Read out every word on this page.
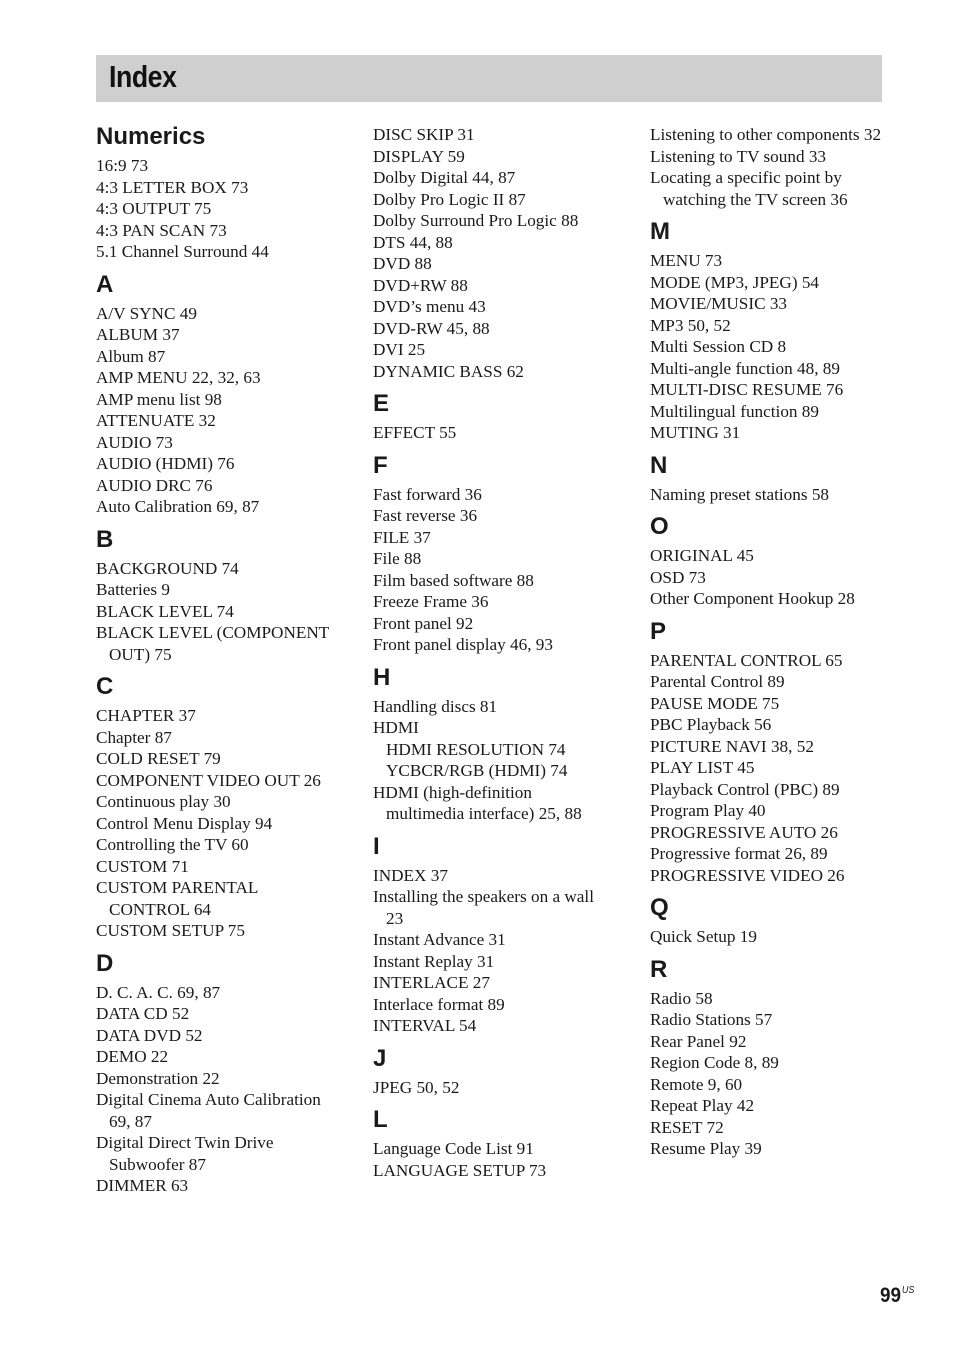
Index
Numerics
16:9 73
4:3 LETTER BOX 73
4:3 OUTPUT 75
4:3 PAN SCAN 73
5.1 Channel Surround 44
A
A/V SYNC 49
ALBUM 37
Album 87
AMP MENU 22, 32, 63
AMP menu list 98
ATTENUATE 32
AUDIO 73
AUDIO (HDMI) 76
AUDIO DRC 76
Auto Calibration 69, 87
B
BACKGROUND 74
Batteries 9
BLACK LEVEL 74
BLACK LEVEL (COMPONENT OUT) 75
C
CHAPTER 37
Chapter 87
COLD RESET 79
COMPONENT VIDEO OUT 26
Continuous play 30
Control Menu Display 94
Controlling the TV 60
CUSTOM 71
CUSTOM PARENTAL CONTROL 64
CUSTOM SETUP 75
D
D. C. A. C. 69, 87
DATA CD 52
DATA DVD 52
DEMO 22
Demonstration 22
Digital Cinema Auto Calibration 69, 87
Digital Direct Twin Drive Subwoofer 87
DIMMER 63
DISC SKIP 31
DISPLAY 59
Dolby Digital 44, 87
Dolby Pro Logic II 87
Dolby Surround Pro Logic 88
DTS 44, 88
DVD 88
DVD+RW 88
DVD’s menu 43
DVD-RW 45, 88
DVI 25
DYNAMIC BASS 62
E
EFFECT 55
F
Fast forward 36
Fast reverse 36
FILE 37
File 88
Film based software 88
Freeze Frame 36
Front panel 92
Front panel display 46, 93
H
Handling discs 81
HDMI
HDMI RESOLUTION 74
YCBCR/RGB (HDMI) 74
HDMI (high-definition multimedia interface) 25, 88
I
INDEX 37
Installing the speakers on a wall 23
Instant Advance 31
Instant Replay 31
INTERLACE 27
Interlace format 89
INTERVAL 54
J
JPEG 50, 52
L
Language Code List 91
LANGUAGE SETUP 73
Listening to other components 32
Listening to TV sound 33
Locating a specific point by watching the TV screen 36
M
MENU 73
MODE (MP3, JPEG) 54
MOVIE/MUSIC 33
MP3 50, 52
Multi Session CD 8
Multi-angle function 48, 89
MULTI-DISC RESUME 76
Multilingual function 89
MUTING 31
N
Naming preset stations 58
O
ORIGINAL 45
OSD 73
Other Component Hookup 28
P
PARENTAL CONTROL 65
Parental Control 89
PAUSE MODE 75
PBC Playback 56
PICTURE NAVI 38, 52
PLAY LIST 45
Playback Control (PBC) 89
Program Play 40
PROGRESSIVE AUTO 26
Progressive format 26, 89
PROGRESSIVE VIDEO 26
Q
Quick Setup 19
R
Radio 58
Radio Stations 57
Rear Panel 92
Region Code 8, 89
Remote 9, 60
Repeat Play 42
RESET 72
Resume Play 39
$99^{US}$
